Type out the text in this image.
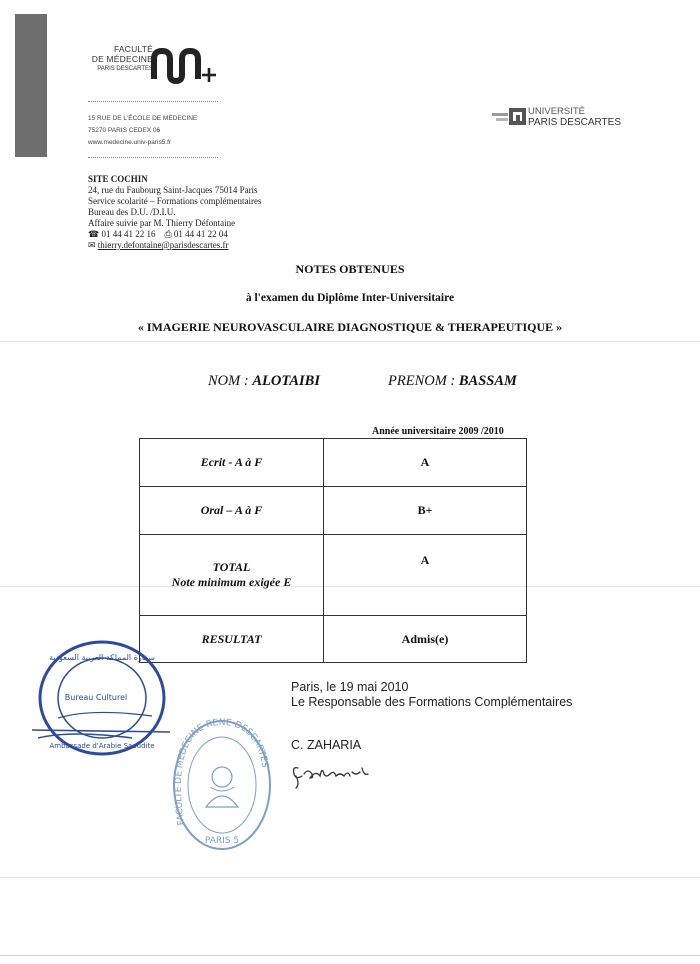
FACULTÉ
DE MÉDECINE
PARIS DESCARTES
15 RUE DE L'ÉCOLE DE MÉDECINE
75270 PARIS CEDEX 06
www.medecine.univ-paris5.fr
UNIVERSITÉ
PARIS DESCARTES
SITE COCHIN
24, rue du Faubourg Saint-Jacques 75014 Paris
Service scolarité – Formations complémentaires
Bureau des D.U. /D.I.U.
Affaire suivie par M. Thierry Défontaine
☎ 01 44 41 22 16 ⎙ 01 44 41 22 04
✉ thierry.defontaine@parisdescartes.fr
NOTES OBTENUES
à l'examen du Diplôme Inter-Universitaire
« IMAGERIE NEUROVASCULAIRE DIAGNOSTIQUE & THERAPEUTIQUE »
NOM : ALOTAIBI	PRENOM : BASSAM
Année universitaire 2009 /2010
Ecrit - A à F	A
Oral – A à F	B+

TOTAL
Note minimum exigée E	A
RESULTAT	Admis(e)
Paris, le 19 mai 2010
Le Responsable des Formations Complémentaires
C. ZAHARIA
سفارة المملكة العربية السعودية
Bureau Culturel
Ambassade d'Arabie Saoudite
FACULTE DE MEDECINE RENE DESCARTES
PARIS 5
